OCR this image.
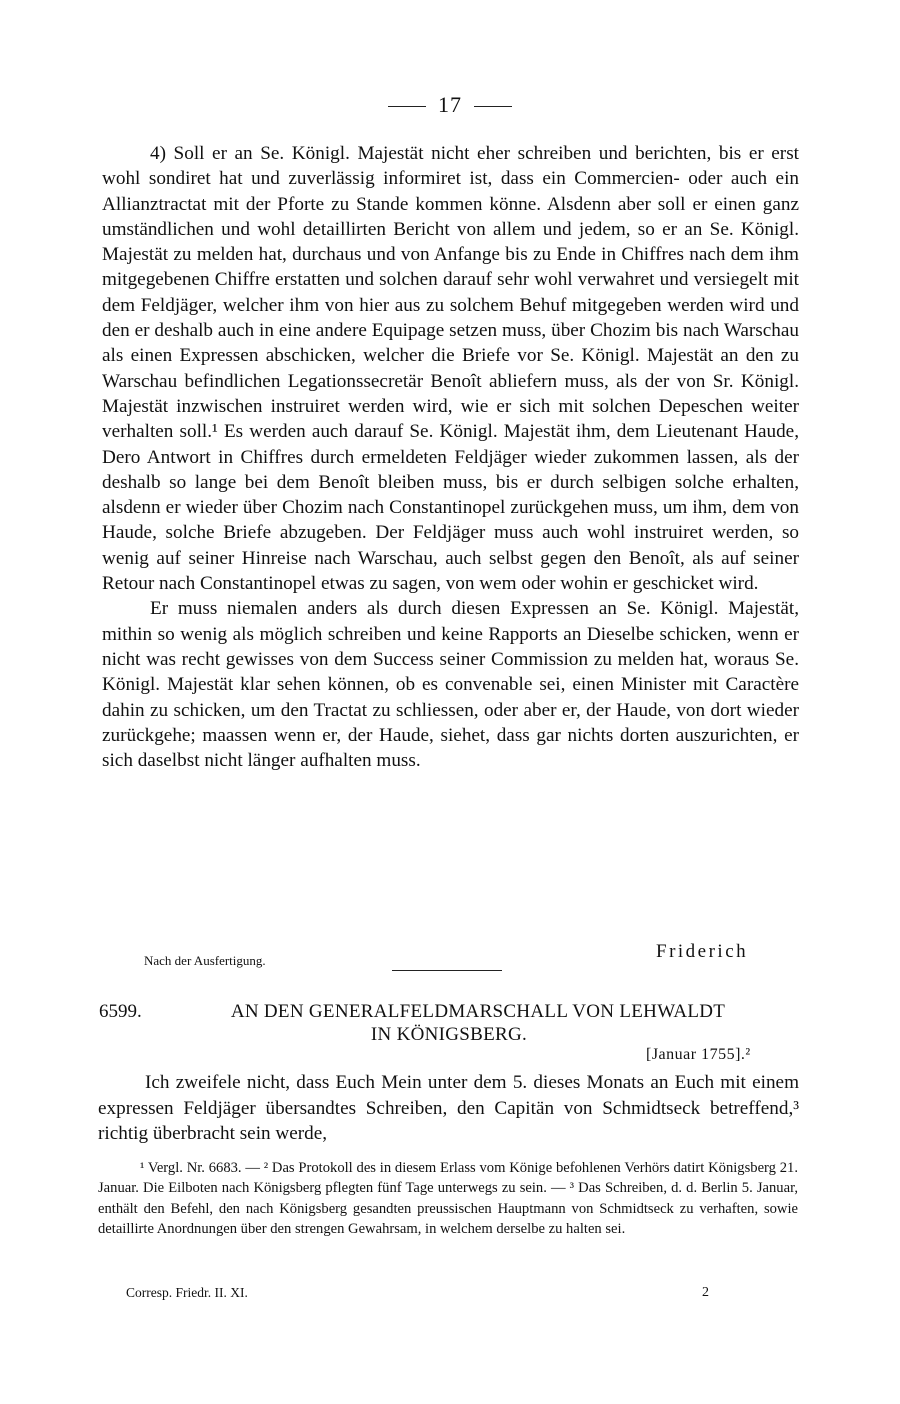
17

4) Soll er an Se. Königl. Majestät nicht eher schreiben und berichten, bis er erst wohl sondiret hat und zuverlässig informiret ist, dass ein Commercien- oder auch ein Allianztractat mit der Pforte zu Stande kommen könne. Alsdenn aber soll er einen ganz umständlichen und wohl detaillirten Bericht von allem und jedem, so er an Se. Königl. Majestät zu melden hat, durchaus und von Anfange bis zu Ende in Chiffres nach dem ihm mitgegebenen Chiffre erstatten und solchen darauf sehr wohl verwahret und versiegelt mit dem Feldjäger, welcher ihm von hier aus zu solchem Behuf mitgegeben werden wird und den er deshalb auch in eine andere Equipage setzen muss, über Chozim bis nach Warschau als einen Expressen abschicken, welcher die Briefe vor Se. Königl. Majestät an den zu Warschau befindlichen Legationssecretär Benoît abliefern muss, als der von Sr. Königl. Majestät inzwischen instruiret werden wird, wie er sich mit solchen Depeschen weiter verhalten soll.¹ Es werden auch darauf Se. Königl. Majestät ihm, dem Lieutenant Haude, Dero Antwort in Chiffres durch ermeldeten Feldjäger wieder zukommen lassen, als der deshalb so lange bei dem Benoît bleiben muss, bis er durch selbigen solche erhalten, alsdenn er wieder über Chozim nach Constantinopel zurückgehen muss, um ihm, dem von Haude, solche Briefe abzugeben. Der Feldjäger muss auch wohl instruiret werden, so wenig auf seiner Hinreise nach Warschau, auch selbst gegen den Benoît, als auf seiner Retour nach Constantinopel etwas zu sagen, von wem oder wohin er geschicket wird.

Er muss niemalen anders als durch diesen Expressen an Se. Königl. Majestät, mithin so wenig als möglich schreiben und keine Rapports an Dieselbe schicken, wenn er nicht was recht gewisses von dem Success seiner Commission zu melden hat, woraus Se. Königl. Majestät klar sehen können, ob es convenable sei, einen Minister mit Caractère dahin zu schicken, um den Tractat zu schliessen, oder aber er, der Haude, von dort wieder zurückgehe; maassen wenn er, der Haude, siehet, dass gar nichts dorten auszurichten, er sich daselbst nicht länger aufhalten muss.

Friderich
Nach der Ausfertigung.
6599.	AN DEN GENERALFELDMARSCHALL VON LEHWALDT
IN KÖNIGSBERG.
[Januar 1755].²

Ich zweifele nicht, dass Euch Mein unter dem 5. dieses Monats an Euch mit einem expressen Feldjäger übersandtes Schreiben, den Capitän von Schmidtseck betreffend,³ richtig überbracht sein werde,

¹ Vergl. Nr. 6683. — ² Das Protokoll des in diesem Erlass vom Könige befohlenen Verhörs datirt Königsberg 21. Januar. Die Eilboten nach Königsberg pflegten fünf Tage unterwegs zu sein. — ³ Das Schreiben, d. d. Berlin 5. Januar, enthält den Befehl, den nach Königsberg gesandten preussischen Hauptmann von Schmidtseck zu verhaften, sowie detaillirte Anordnungen über den strengen Gewahrsam, in welchem derselbe zu halten sei.

Corresp. Friedr. II. XI.	2
